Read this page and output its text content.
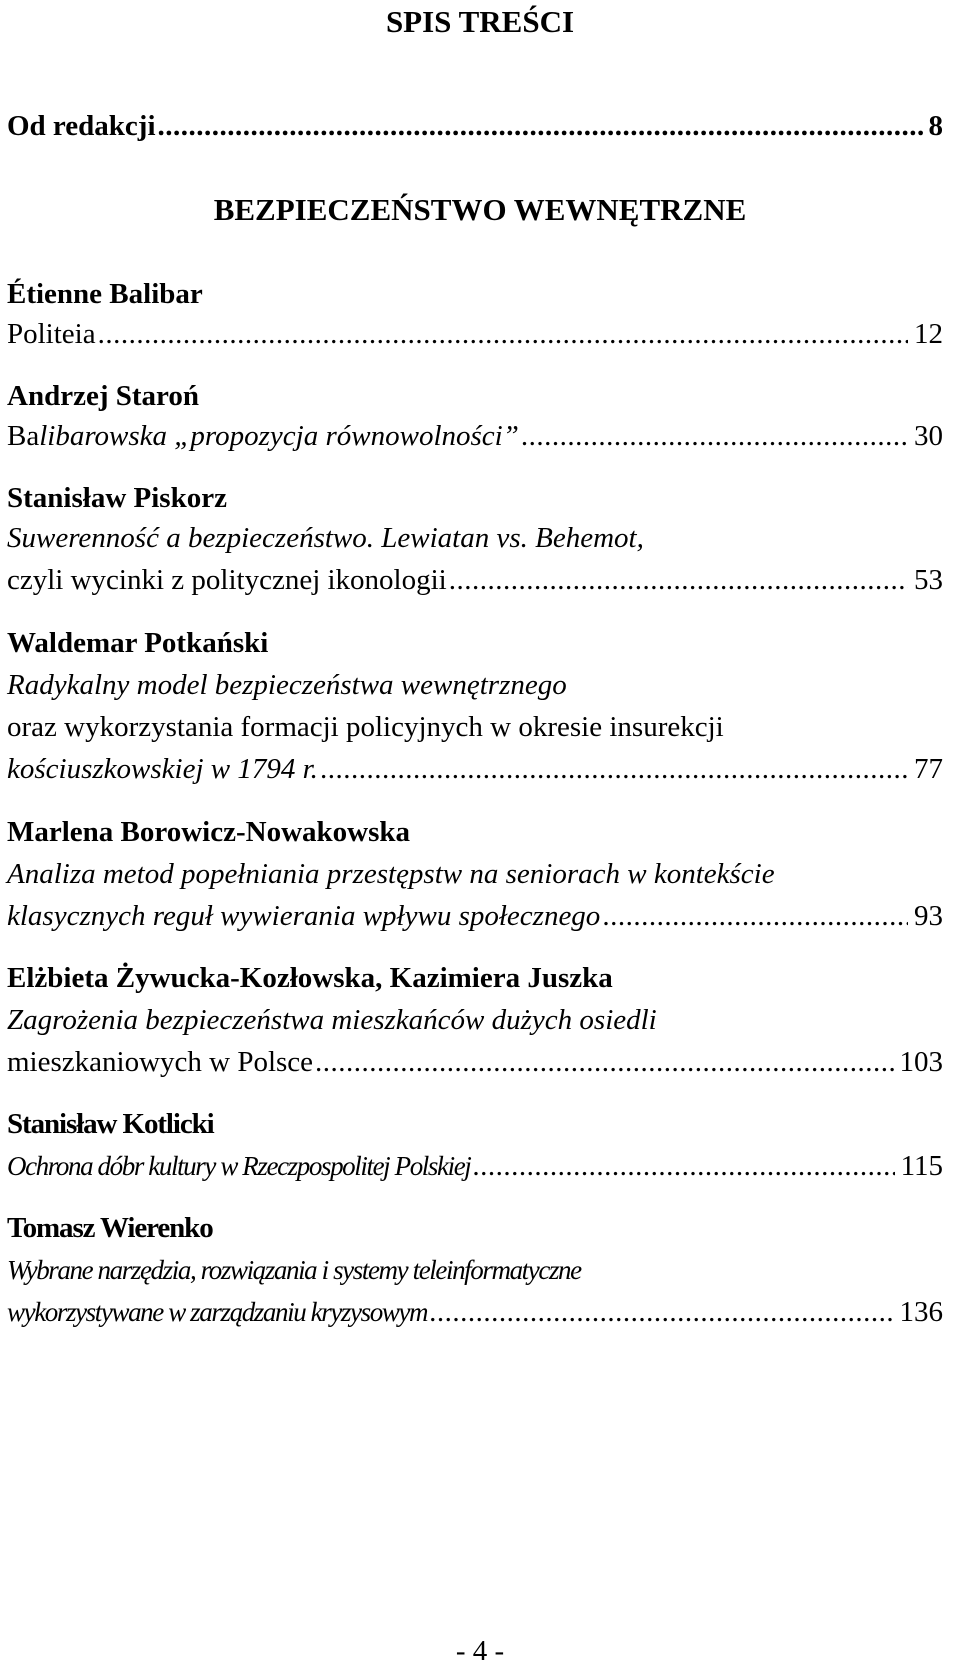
SPIS TREŚCI
Od redakcji .....	8
BEZPIECZEŃSTWO WEWNĘTRZNE
Étienne Balibar
Politeia .....	12
Andrzej Staroń
Balibarowska „propozycja równowolności” .....	30
Stanisław Piskorz
Suwerenność a bezpieczeństwo. Lewiatan vs. Behemot,
czyli wycinki z politycznej ikonologii .....	53
Waldemar Potkański
Radykalny model bezpieczeństwa wewnętrznego
oraz wykorzystania formacji policyjnych w okresie insurekcji
kościuszkowskiej w 1794 r. .....	77
Marlena Borowicz-Nowakowska
Analiza metod popełniania przestępstw na seniorach w kontekście
klasycznych reguł wywierania wpływu społecznego .....	93
Elżbieta Żywucka-Kozłowska, Kazimiera Juszka
Zagrożenia bezpieczeństwa mieszkańców dużych osiedli
mieszkaniowych w Polsce .....	103
Stanisław Kotlicki
Ochrona dóbr kultury w Rzeczpospolitej Polskiej .....	115
Tomasz Wierenko
Wybrane narzędzia, rozwiązania i systemy teleinformatyczne
wykorzystywane w zarządzaniu kryzysowym .....	136
- 4 -
